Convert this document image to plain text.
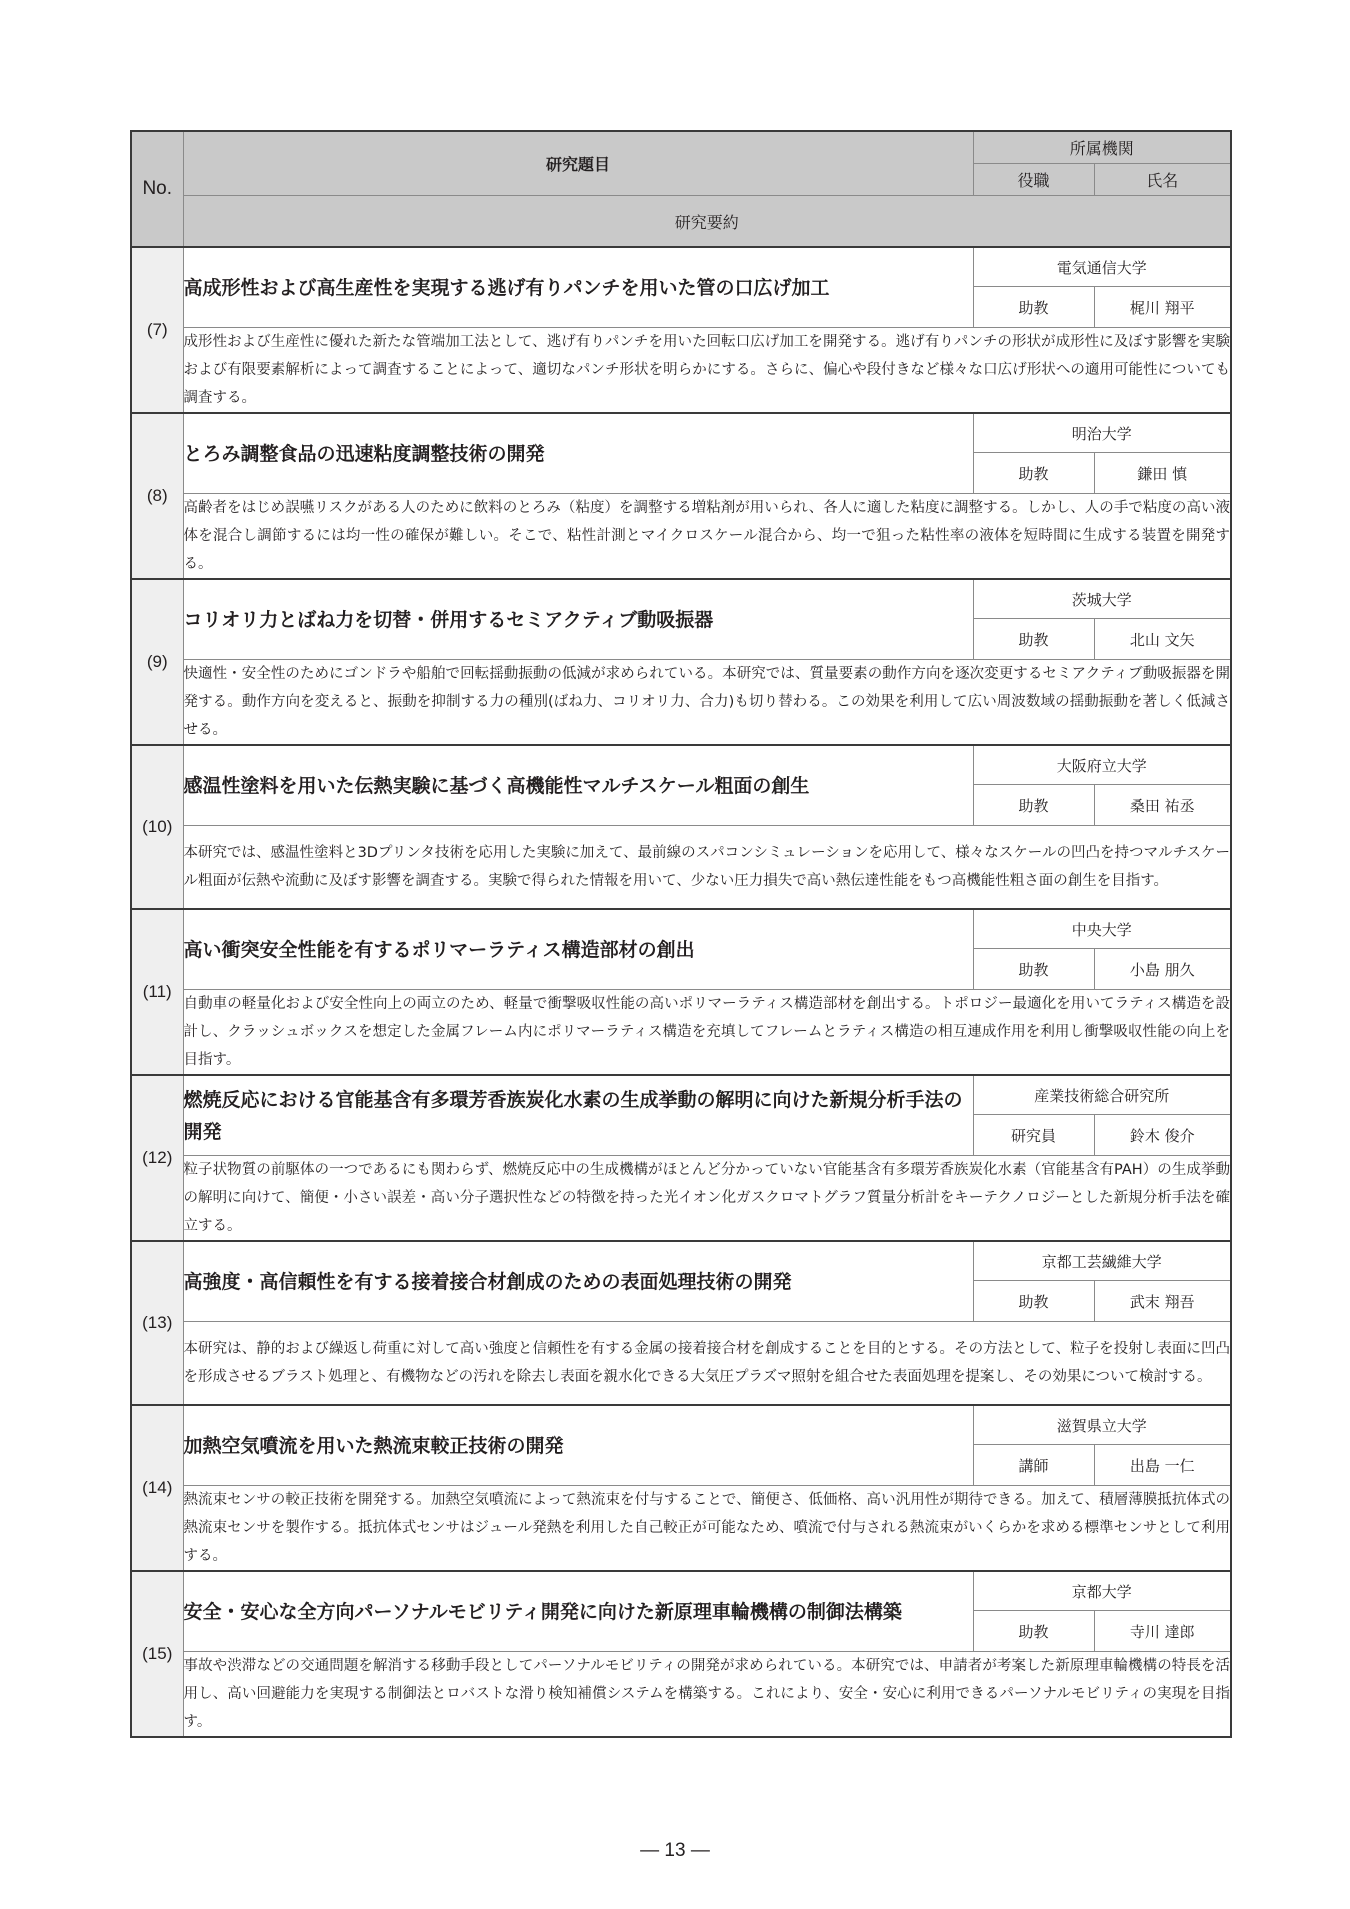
No.	研究題目	所属機関	
		役職	氏名
	研究要約		
(7)	高成形性および高生産性を実現する逃げ有りパンチを用いた管の口広げ加工	電気通信大学	
		助教	梶川 翔平
	成形性および生産性に優れた新たな管端加工法として、逃げ有りパンチを用いた回転口広げ加工を開発する。逃げ有りパンチの形状が成形性に及ぼす影響を実験および有限要素解析によって調査することによって、適切なパンチ形状を明らかにする。さらに、偏心や段付きなど様々な口広げ形状への適用可能性についても調査する。		
(8)	とろみ調整食品の迅速粘度調整技術の開発	明治大学	
		助教	鎌田 慎
	高齢者をはじめ誤嚥リスクがある人のために飲料のとろみ（粘度）を調整する増粘剤が用いられ、各人に適した粘度に調整する。しかし、人の手で粘度の高い液体を混合し調節するには均一性の確保が難しい。そこで、粘性計測とマイクロスケール混合から、均一で狙った粘性率の液体を短時間に生成する装置を開発する。		
(9)	コリオリ力とばね力を切替・併用するセミアクティブ動吸振器	茨城大学	
		助教	北山 文矢
	快適性・安全性のためにゴンドラや船舶で回転揺動振動の低減が求められている。本研究では、質量要素の動作方向を逐次変更するセミアクティブ動吸振器を開発する。動作方向を変えると、振動を抑制する力の種別(ばね力、コリオリ力、合力)も切り替わる。この効果を利用して広い周波数域の揺動振動を著しく低減させる。		
(10)	感温性塗料を用いた伝熱実験に基づく高機能性マルチスケール粗面の創生	大阪府立大学	
		助教	桑田 祐丞
	本研究では、感温性塗料と3Dプリンタ技術を応用した実験に加えて、最前線のスパコンシミュレーションを応用して、様々なスケールの凹凸を持つマルチスケール粗面が伝熱や流動に及ぼす影響を調査する。実験で得られた情報を用いて、少ない圧力損失で高い熱伝達性能をもつ高機能性粗さ面の創生を目指す。		
(11)	高い衝突安全性能を有するポリマーラティス構造部材の創出	中央大学	
		助教	小島 朋久
	自動車の軽量化および安全性向上の両立のため、軽量で衝撃吸収性能の高いポリマーラティス構造部材を創出する。トポロジー最適化を用いてラティス構造を設計し、クラッシュボックスを想定した金属フレーム内にポリマーラティス構造を充填してフレームとラティス構造の相互連成作用を利用し衝撃吸収性能の向上を目指す。		
(12)	燃焼反応における官能基含有多環芳香族炭化水素の生成挙動の解明に向けた新規分析手法の開発	産業技術総合研究所	
		研究員	鈴木 俊介
	粒子状物質の前駆体の一つであるにも関わらず、燃焼反応中の生成機構がほとんど分かっていない官能基含有多環芳香族炭化水素（官能基含有PAH）の生成挙動の解明に向けて、簡便・小さい誤差・高い分子選択性などの特徴を持った光イオン化ガスクロマトグラフ質量分析計をキーテクノロジーとした新規分析手法を確立する。		
(13)	高強度・高信頼性を有する接着接合材創成のための表面処理技術の開発	京都工芸繊維大学	
		助教	武末 翔吾
	本研究は、静的および繰返し荷重に対して高い強度と信頼性を有する金属の接着接合材を創成することを目的とする。その方法として、粒子を投射し表面に凹凸を形成させるブラスト処理と、有機物などの汚れを除去し表面を親水化できる大気圧プラズマ照射を組合せた表面処理を提案し、その効果について検討する。		
(14)	加熱空気噴流を用いた熱流束較正技術の開発	滋賀県立大学	
		講師	出島 一仁
	熱流束センサの較正技術を開発する。加熱空気噴流によって熱流束を付与することで、簡便さ、低価格、高い汎用性が期待できる。加えて、積層薄膜抵抗体式の熱流束センサを製作する。抵抗体式センサはジュール発熱を利用した自己較正が可能なため、噴流で付与される熱流束がいくらかを求める標準センサとして利用する。		
(15)	安全・安心な全方向パーソナルモビリティ開発に向けた新原理車輪機構の制御法構築	京都大学	
		助教	寺川 達郎
	事故や渋滞などの交通問題を解消する移動手段としてパーソナルモビリティの開発が求められている。本研究では、申請者が考案した新原理車輪機構の特長を活用し、高い回避能力を実現する制御法とロバストな滑り検知補償システムを構築する。これにより、安全・安心に利用できるパーソナルモビリティの実現を目指す。		
— 13 —
